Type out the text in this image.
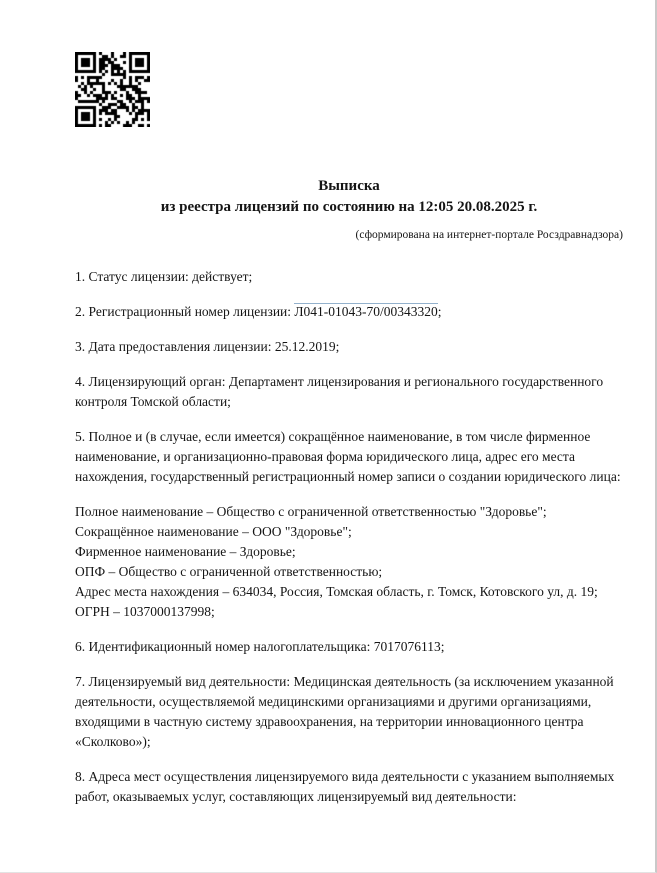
Выписка
из реестра лицензий по состоянию на 12:05 20.08.2025 г.
(сформирована на интернет-портале Росздравнадзора)

1. Статус лицензии: действует;

2. Регистрационный номер лицензии: Л041-01043-70/00343320;

3. Дата предоставления лицензии: 25.12.2019;

4. Лицензирующий орган: Департамент лицензирования и регионального государственного контроля Томской области;

5. Полное и (в случае, если имеется) сокращённое наименование, в том числе фирменное наименование, и организационно-правовая форма юридического лица, адрес его места нахождения, государственный регистрационный номер записи о создании юридического лица:

Полное наименование – Общество с ограниченной ответственностью "Здоровье";

Сокращённое наименование – ООО "Здоровье";

Фирменное наименование – Здоровье;

ОПФ – Общество с ограниченной ответственностью;

Адрес места нахождения – 634034, Россия, Томская область, г. Томск, Котовского ул, д. 19;

ОГРН – 1037000137998;

6. Идентификационный номер налогоплательщика: 7017076113;

7. Лицензируемый вид деятельности: Медицинская деятельность (за исключением указанной деятельности, осуществляемой медицинскими организациями и другими организациями, входящими в частную систему здравоохранения, на территории инновационного центра «Сколково»);

8. Адреса мест осуществления лицензируемого вида деятельности с указанием выполняемых работ, оказываемых услуг, составляющих лицензируемый вид деятельности:
